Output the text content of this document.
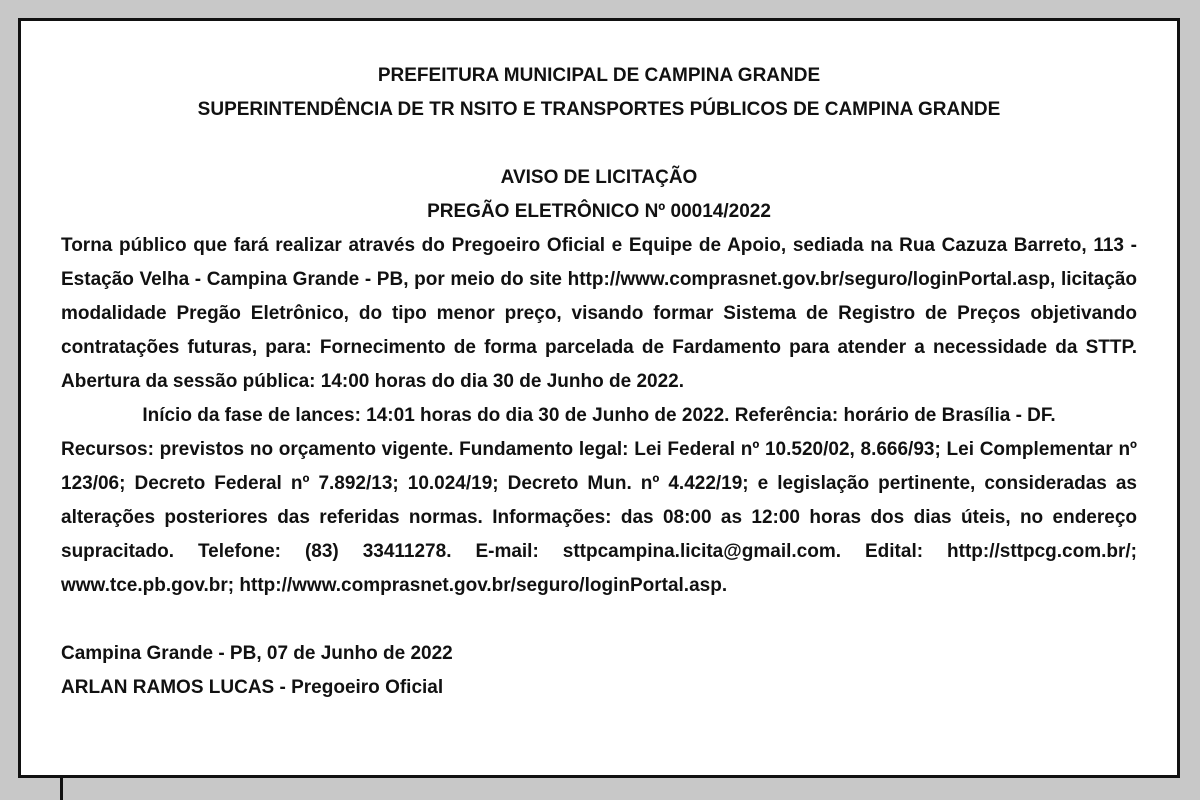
PREFEITURA MUNICIPAL DE CAMPINA GRANDE
SUPERINTENDÊNCIA DE TR NSITO E TRANSPORTES PÚBLICOS DE CAMPINA GRANDE
AVISO DE LICITAÇÃO
PREGÃO ELETRÔNICO Nº 00014/2022

Torna público que fará realizar através do Pregoeiro Oficial e Equipe de Apoio, sediada na Rua Cazuza Barreto, 113 - Estação Velha - Campina Grande - PB, por meio do site http://www.comprasnet.gov.br/seguro/loginPortal.asp, licitação modalidade Pregão Eletrônico, do tipo menor preço, visando formar Sistema de Registro de Preços objetivando contratações futuras, para: Fornecimento de forma parcelada de Fardamento para atender a necessidade da STTP. Abertura da sessão pública: 14:00 horas do dia 30 de Junho de 2022.

Início da fase de lances: 14:01 horas do dia 30 de Junho de 2022. Referência: horário de Brasília - DF.

Recursos: previstos no orçamento vigente. Fundamento legal: Lei Federal nº 10.520/02, 8.666/93; Lei Complementar nº 123/06; Decreto Federal nº 7.892/13; 10.024/19; Decreto Mun. nº 4.422/19; e legislação pertinente, consideradas as alterações posteriores das referidas normas. Informações: das 08:00 as 12:00 horas dos dias úteis, no endereço supracitado. Telefone: (83) 33411278. E-mail: sttpcampina.licita@gmail.com. Edital: http://sttpcg.com.br/; www.tce.pb.gov.br; http://www.comprasnet.gov.br/seguro/loginPortal.asp.

Campina Grande - PB, 07 de Junho de 2022
ARLAN RAMOS LUCAS - Pregoeiro Oficial
